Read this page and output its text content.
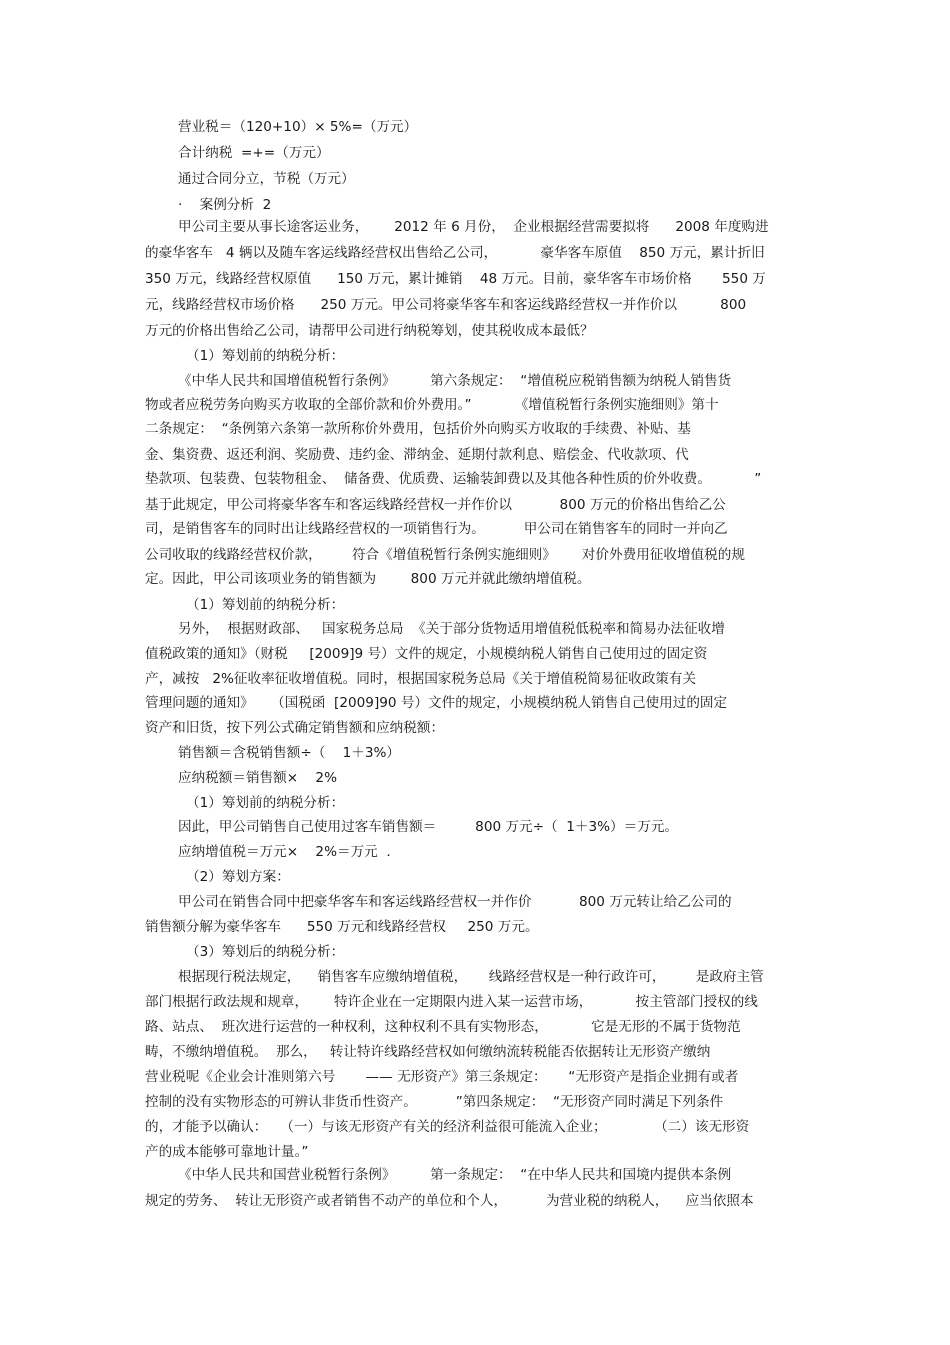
营业税＝（120+10）× 5%=（万元）
合计纳税  =+=（万元）
通过合同分立，节税（万元）
·    案例分析  2
甲公司主要从事长途客运业务，      2012 年 6 月份，  企业根据经营需要拟将      2008 年度购进
的豪华客车   4 辆以及随车客运线路经营权出售给乙公司，          豪华客车原值    850 万元，累计折旧
350 万元，线路经营权原值      150 万元，累计摊销    48 万元。目前，豪华客车市场价格       550 万
元，线路经营权市场价格      250 万元。甲公司将豪华客车和客运线路经营权一并作价以          800
万元的价格出售给乙公司，请帮甲公司进行纳税筹划，使其税收成本最低？
（1）筹划前的纳税分析：
《中华人民共和国增值税暂行条例》        第六条规定：  “增值税应税销售额为纳税人销售货
物或者应税劳务向购买方收取的全部价款和价外费用。”          《增值税暂行条例实施细则》第十
二条规定：  “条例第六条第一款所称价外费用，包括价外向购买方收取的手续费、补贴、基
金、集资费、返还利润、奖励费、违约金、滞纳金、延期付款利息、赔偿金、代收款项、代
垫款项、包装费、包装物租金、  储备费、优质费、运输装卸费以及其他各种性质的价外收费。          ”
基于此规定，甲公司将豪华客车和客运线路经营权一并作价以           800 万元的价格出售给乙公
司，是销售客车的同时出让线路经营权的一项销售行为。         甲公司在销售客车的同时一并向乙
公司收取的线路经营权价款，       符合《增值税暂行条例实施细则》      对价外费用征收增值税的规
定。因此，甲公司该项业务的销售额为        800 万元并就此缴纳增值税。
（1）筹划前的纳税分析：
另外，  根据财政部、   国家税务总局  《关于部分货物适用增值税低税率和简易办法征收增
值税政策的通知》（财税     [2009]9 号）文件的规定，小规模纳税人销售自己使用过的固定资
产，减按   2%征收率征收增值税。同时，根据国家税务总局《关于增值税简易征收政策有关
管理问题的通知》    （国税函  [2009]90 号）文件的规定，小规模纳税人销售自己使用过的固定
资产和旧货，按下列公式确定销售额和应纳税额：
销售额＝含税销售额÷（    1＋3%）
应纳税额＝销售额×    2%
（1）筹划前的纳税分析：
因此，甲公司销售自己使用过客车销售额＝         800 万元÷（  1＋3%）＝万元。
应纳增值税＝万元×    2%＝万元  .
（2）筹划方案：
甲公司在销售合同中把豪华客车和客运线路经营权一并作价           800 万元转让给乙公司的
销售额分解为豪华客车      550 万元和线路经营权     250 万元。
（3）筹划后的纳税分析：
根据现行税法规定，    销售客车应缴纳增值税，     线路经营权是一种行政许可，       是政府主管
部门根据行政法规和规章，      特许企业在一定期限内进入某一运营市场，          按主管部门授权的线
路、站点、  班次进行运营的一种权利，这种权利不具有实物形态，          它是无形的不属于货物范
畴，不缴纳增值税。  那么，   转让特许线路经营权如何缴纳流转税能否依据转让无形资产缴纳
营业税呢《企业会计准则第六号       —— 无形资产》第三条规定：     “无形资产是指企业拥有或者
控制的没有实物形态的可辨认非货币性资产。         ”第四条规定：  “无形资产同时满足下列条件
的，才能予以确认：   （一）与该无形资产有关的经济利益很可能流入企业；           （二）该无形资
产的成本能够可靠地计量。”
《中华人民共和国营业税暂行条例》        第一条规定：  “在中华人民共和国境内提供本条例
规定的劳务、  转让无形资产或者销售不动产的单位和个人，         为营业税的纳税人，    应当依照本
